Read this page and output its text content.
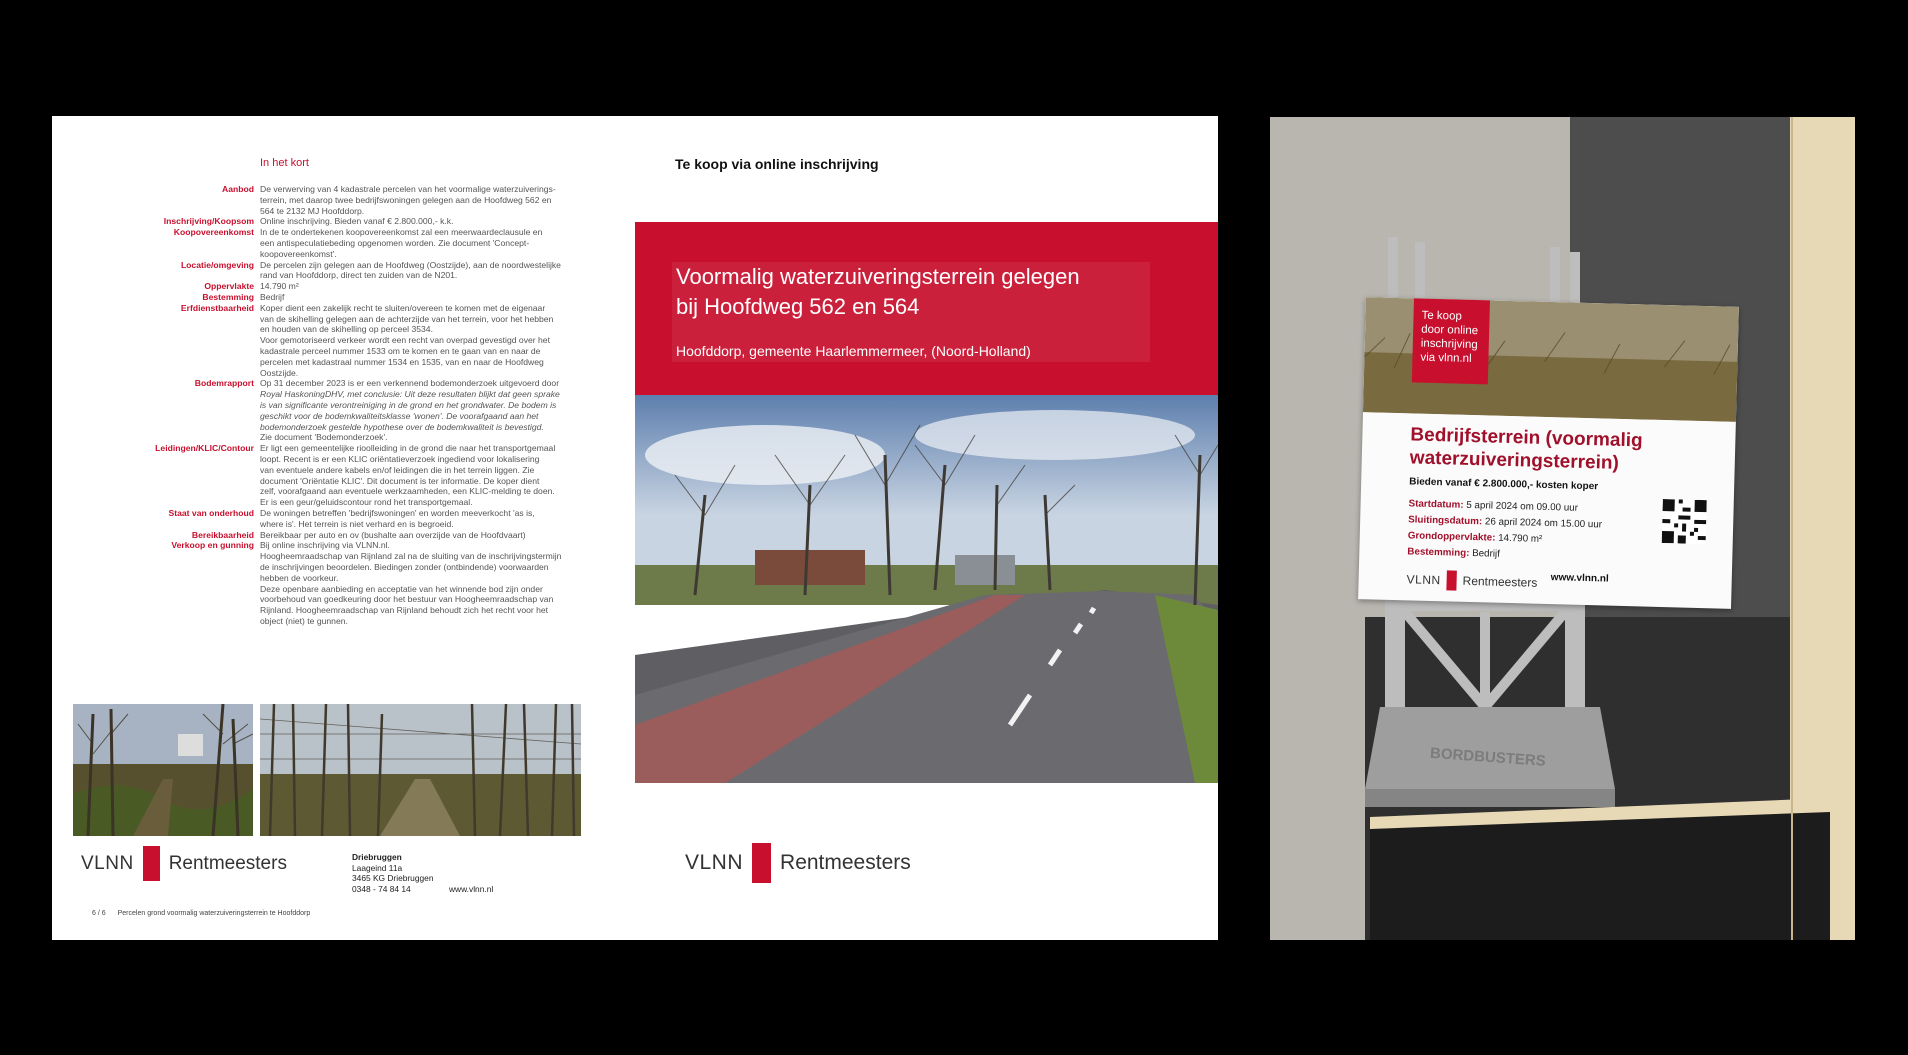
In het kort
Aanbod De verwerving van 4 kadastrale percelen van het voormalige waterzuiverings-
terrein, met daarop twee bedrijfswoningen gelegen aan de Hoofdweg 562 en
564 te 2132 MJ Hoofddorp.
Inschrijving/Koopsom Online inschrijving. Bieden vanaf € 2.800.000,- k.k.
Koopovereenkomst In de te ondertekenen koopovereenkomst zal een meerwaardeclausule en
een antispeculatiebeding opgenomen worden. Zie document 'Concept-
koopovereenkomst'.
Locatie/omgeving De percelen zijn gelegen aan de Hoofdweg (Oostzijde), aan de noordwestelijke
rand van Hoofddorp, direct ten zuiden van de N201.
Oppervlakte 14.790 m²
Bestemming Bedrijf
Erfdienstbaarheid Koper dient een zakelijk recht te sluiten/overeen te komen met de eigenaar
van de skihelling gelegen aan de achterzijde van het terrein, voor het hebben
en houden van de skihelling op perceel 3534.
Voor gemotoriseerd verkeer wordt een recht van overpad gevestigd over het
kadastrale perceel nummer 1533 om te komen en te gaan van en naar de
percelen met kadastraal nummer 1534 en 1535, van en naar de Hoofdweg
Oostzijde.
Bodemrapport Op 31 december 2023 is er een verkennend bodemonderzoek uitgevoerd door
Royal HaskoningDHV, met conclusie: Uit deze resultaten blijkt dat geen sprake
is van significante verontreiniging in de grond en het grondwater. De bodem is
geschikt voor de bodemkwaliteitsklasse 'wonen'. De voorafgaand aan het
bodemonderzoek gestelde hypothese over de bodemkwaliteit is bevestigd.
Zie document 'Bodemonderzoek'.
Leidingen/KLIC/Contour Er ligt een gemeentelijke rioolleiding in de grond die naar het transportgemaal
loopt. Recent is er een KLIC oriëntatieverzoek ingediend voor lokalisering
van eventuele andere kabels en/of leidingen die in het terrein liggen. Zie
document 'Oriëntatie KLIC'. Dit document is ter informatie. De koper dient
zelf, voorafgaand aan eventuele werkzaamheden, een KLIC-melding te doen.
Er is een geur/geluidscontour rond het transportgemaal.
Staat van onderhoud De woningen betreffen 'bedrijfswoningen' en worden meeverkocht 'as is,
where is'. Het terrein is niet verhard en is begroeid.
Bereikbaarheid Bereikbaar per auto en ov (bushalte aan overzijde van de Hoofdvaart)
Verkoop en gunning Bij online inschrijving via VLNN.nl.
Hoogheemraadschap van Rijnland zal na de sluiting van de inschrijvingstermijn
de inschrijvingen beoordelen. Biedingen zonder (ontbindende) voorwaarden
hebben de voorkeur.
Deze openbare aanbieding en acceptatie van het winnende bod zijn onder
voorbehoud van goedkeuring door het bestuur van Hoogheemraadschap van
Rijnland. Hoogheemraadschap van Rijnland behoudt zich het recht voor het
object (niet) te gunnen.
VLNN Rentmeesters	Driebruggen
Laageind 11a
3465 KG Driebruggen
0348 - 74 84 14	www.vlnn.nl
6 / 6 Percelen grond voormalig waterzuiveringsterrein te Hoofddorp
Te koop via online inschrijving
Voormalig waterzuiveringsterrein gelegen
bij Hoofdweg 562 en 564
Hoofddorp, gemeente Haarlemmermeer, (Noord-Holland)
VLNN Rentmeesters
BORDBUSTERS
Te koop
door online
inschrijving
via vlnn.nl
Bedrijfsterrein (voormalig
waterzuiveringsterrein)
Bieden vanaf € 2.800.000,- kosten koper
Startdatum: 5 april 2024 om 09.00 uur
Sluitingsdatum: 26 april 2024 om 15.00 uur
Grondoppervlakte: 14.790 m²
Bestemming: Bedrijf
VLNN Rentmeesters www.vlnn.nl
